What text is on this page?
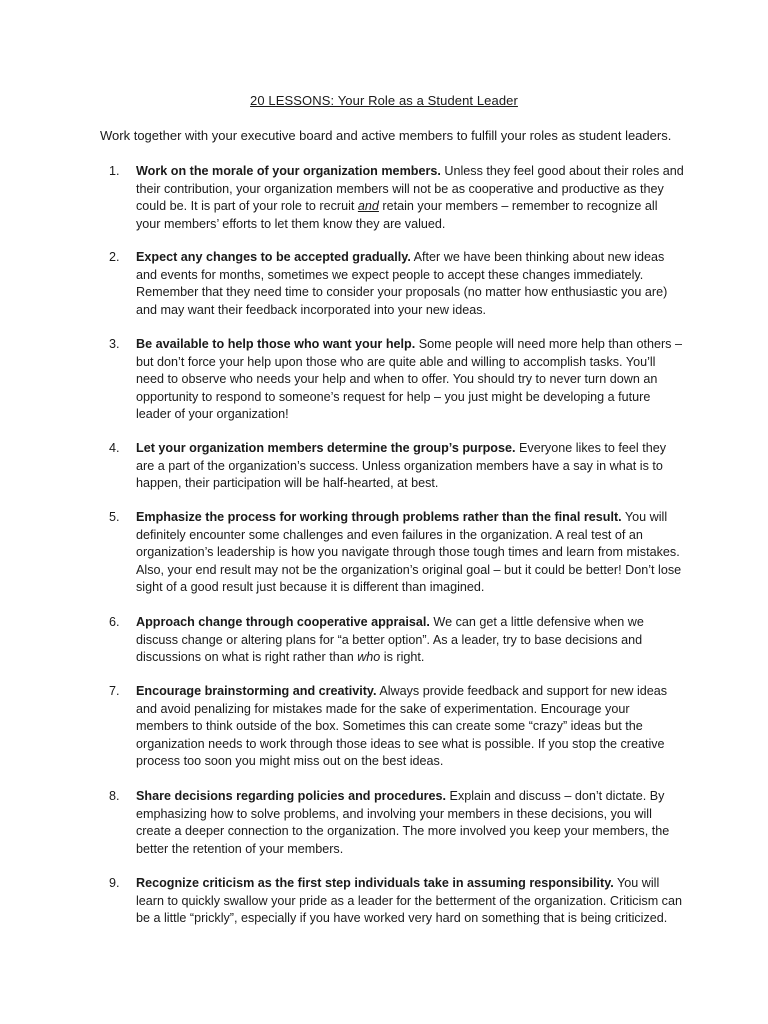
20 LESSONS: Your Role as a Student Leader
Work together with your executive board and active members to fulfill your roles as student leaders.
1.	Work on the morale of your organization members. Unless they feel good about their roles and their contribution, your organization members will not be as cooperative and productive as they could be. It is part of your role to recruit and retain your members – remember to recognize all your members’ efforts to let them know they are valued.
2.	Expect any changes to be accepted gradually. After we have been thinking about new ideas and events for months, sometimes we expect people to accept these changes immediately. Remember that they need time to consider your proposals (no matter how enthusiastic you are) and may want their feedback incorporated into your new ideas.
3.	Be available to help those who want your help. Some people will need more help than others – but don’t force your help upon those who are quite able and willing to accomplish tasks. You’ll need to observe who needs your help and when to offer. You should try to never turn down an opportunity to respond to someone’s request for help – you just might be developing a future leader of your organization!
4.	Let your organization members determine the group’s purpose. Everyone likes to feel they are a part of the organization’s success. Unless organization members have a say in what is to happen, their participation will be half-hearted, at best.
5.	Emphasize the process for working through problems rather than the final result. You will definitely encounter some challenges and even failures in the organization. A real test of an organization’s leadership is how you navigate through those tough times and learn from mistakes. Also, your end result may not be the organization’s original goal – but it could be better! Don’t lose sight of a good result just because it is different than imagined.
6.	Approach change through cooperative appraisal. We can get a little defensive when we discuss change or altering plans for “a better option”. As a leader, try to base decisions and discussions on what is right rather than who is right.
7.	Encourage brainstorming and creativity. Always provide feedback and support for new ideas and avoid penalizing for mistakes made for the sake of experimentation. Encourage your members to think outside of the box. Sometimes this can create some “crazy” ideas but the organization needs to work through those ideas to see what is possible. If you stop the creative process too soon you might miss out on the best ideas.
8.	Share decisions regarding policies and procedures. Explain and discuss – don’t dictate. By emphasizing how to solve problems, and involving your members in these decisions, you will create a deeper connection to the organization. The more involved you keep your members, the better the retention of your members.
9.	Recognize criticism as the first step individuals take in assuming responsibility. You will learn to quickly swallow your pride as a leader for the betterment of the organization. Criticism can be a little “prickly”, especially if you have worked very hard on something that is being criticized.
